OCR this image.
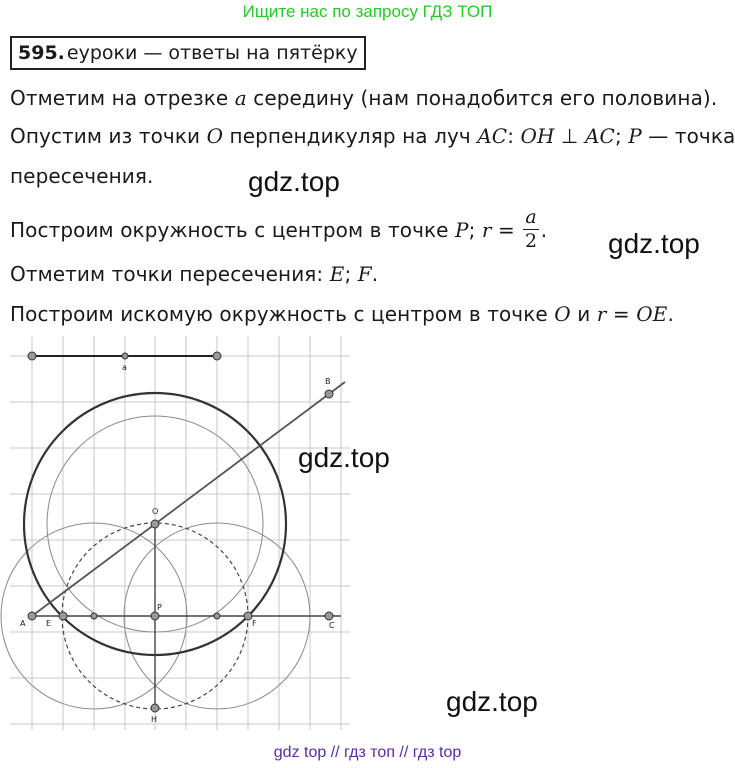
Ищите нас по запросу ГДЗ ТОП
595. еуроки — ответы на пятёрку
Отметим на отрезке a середину (нам понадобится его половина).
Опустим из точки O перпендикуляр на луч AC: OH ⊥ AC; P — точка
пересечения.
Построим окружность с центром в точке P; $r = \frac{a}{2}$ .
Отметим точки пересечения: E; F.
Построим искомую окружность с центром в точке O и r = OE.
gdz.top
gdz.top
a
B
O
P
A	E	F	C
H
gdz.top
gdz.top
gdz top // гдз топ // гдз top
